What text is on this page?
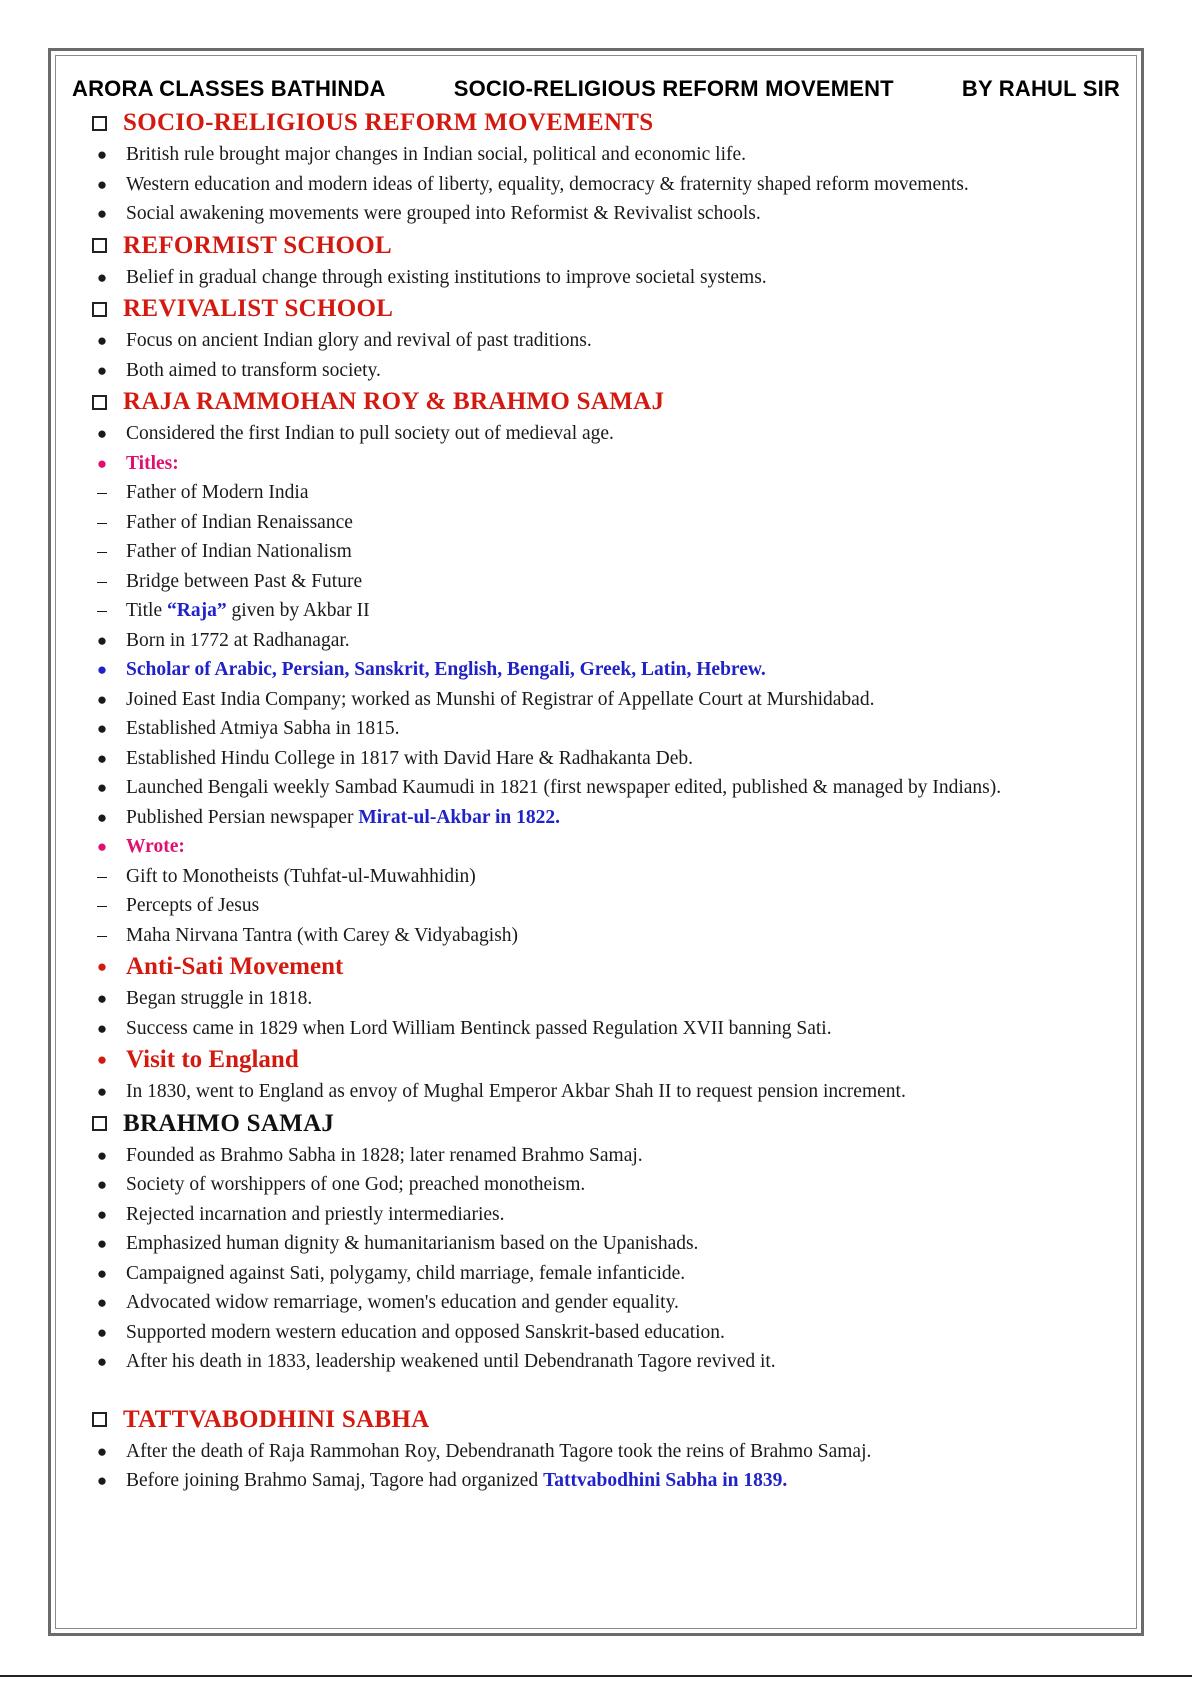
ARORA CLASSES BATHINDA	SOCIO-RELIGIOUS REFORM MOVEMENT	BY RAHUL SIR
SOCIO-RELIGIOUS REFORM MOVEMENTS
● British rule brought major changes in Indian social, political and economic life.
● Western education and modern ideas of liberty, equality, democracy & fraternity shaped reform movements.
● Social awakening movements were grouped into Reformist & Revivalist schools.
REFORMIST SCHOOL
● Belief in gradual change through existing institutions to improve societal systems.
REVIVALIST SCHOOL
● Focus on ancient Indian glory and revival of past traditions.
● Both aimed to transform society.
RAJA RAMMOHAN ROY & BRAHMO SAMAJ
● Considered the first Indian to pull society out of medieval age.
● Titles:
– Father of Modern India
– Father of Indian Renaissance
– Father of Indian Nationalism
– Bridge between Past & Future
– Title “Raja” given by Akbar II
● Born in 1772 at Radhanagar.
● Scholar of Arabic, Persian, Sanskrit, English, Bengali, Greek, Latin, Hebrew.
● Joined East India Company; worked as Munshi of Registrar of Appellate Court at Murshidabad.
● Established Atmiya Sabha in 1815.
● Established Hindu College in 1817 with David Hare & Radhakanta Deb.
● Launched Bengali weekly Sambad Kaumudi in 1821 (first newspaper edited, published & managed by Indians).
● Published Persian newspaper Mirat-ul-Akbar in 1822.
● Wrote:
– Gift to Monotheists (Tuhfat-ul-Muwahhidin)
– Percepts of Jesus
– Maha Nirvana Tantra (with Carey & Vidyabagish)
● Anti-Sati Movement
● Began struggle in 1818.
● Success came in 1829 when Lord William Bentinck passed Regulation XVII banning Sati.
● Visit to England
● In 1830, went to England as envoy of Mughal Emperor Akbar Shah II to request pension increment.
BRAHMO SAMAJ
● Founded as Brahmo Sabha in 1828; later renamed Brahmo Samaj.
● Society of worshippers of one God; preached monotheism.
● Rejected incarnation and priestly intermediaries.
● Emphasized human dignity & humanitarianism based on the Upanishads.
● Campaigned against Sati, polygamy, child marriage, female infanticide.
● Advocated widow remarriage, women's education and gender equality.
● Supported modern western education and opposed Sanskrit-based education.
● After his death in 1833, leadership weakened until Debendranath Tagore revived it.
TATTVABODHINI SABHA
● After the death of Raja Rammohan Roy, Debendranath Tagore took the reins of Brahmo Samaj.
● Before joining Brahmo Samaj, Tagore had organized Tattvabodhini Sabha in 1839.
